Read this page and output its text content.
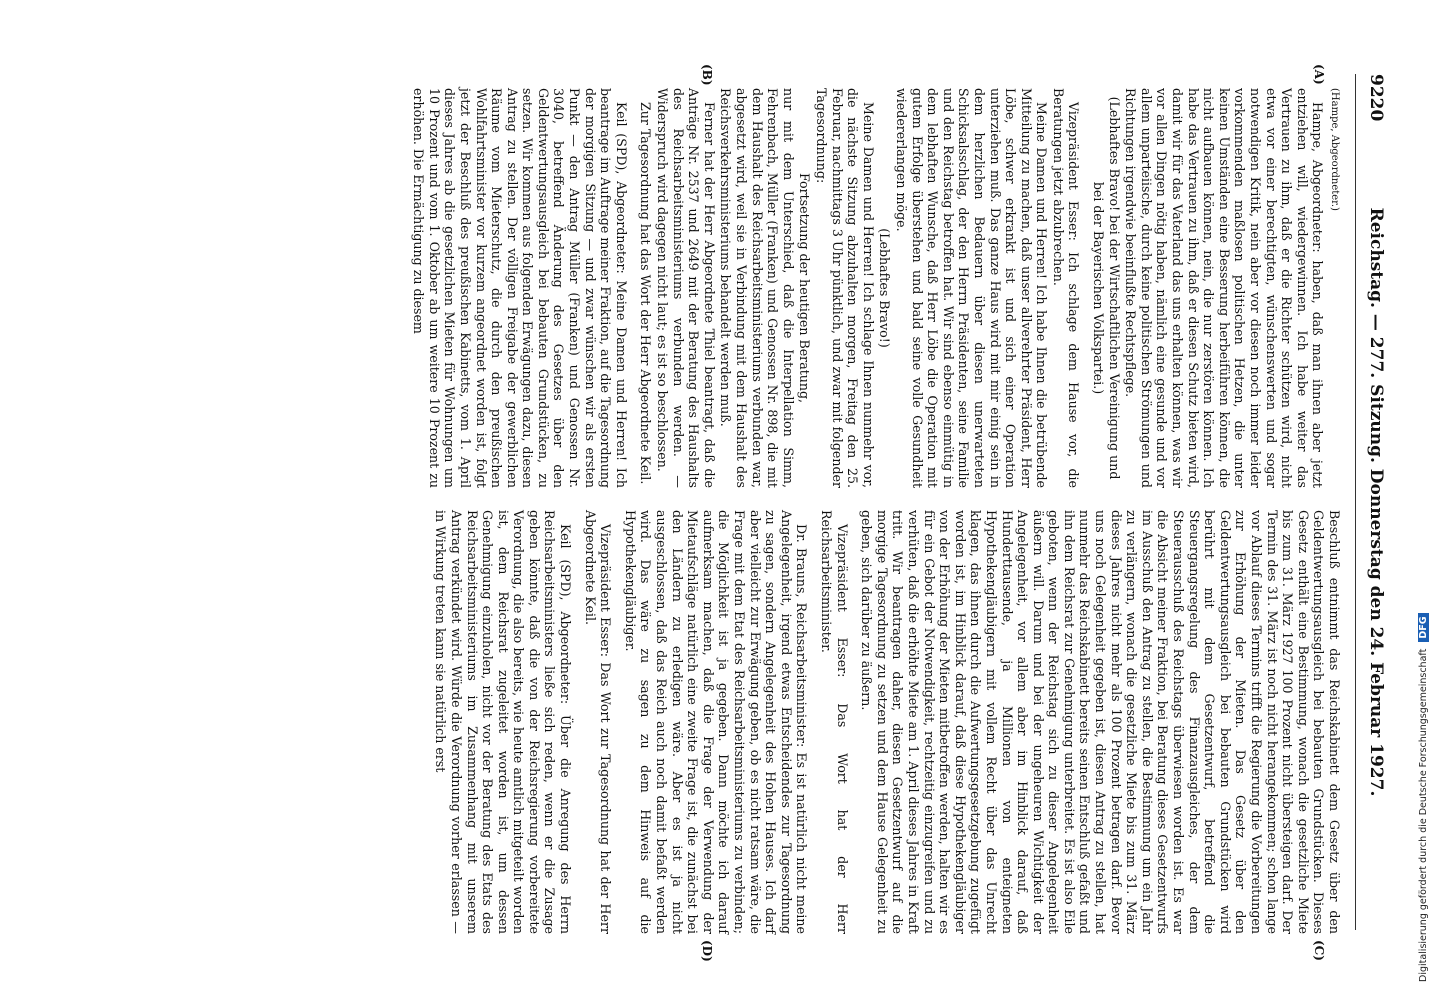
9220
Reichstag. — 277. Sitzung. Donnerstag den 24. Februar 1927.
(A)
(B)
(C)
(D)

(Hampe, Abgeordneter.)

Hampe, Abgeordneter: haben, daß man ihnen aber jetzt entziehen will, wiedergewinnen. Ich habe weiter das Vertrauen zu ihm, daß er die Richter schützen wird, nicht etwa vor einer berechtigten, wünschenswerten und sogar notwendigen Kritik, nein aber vor diesen noch immer leider vorkommenden maßlosen politischen Hetzen, die unter keinen Umständen eine Besserung herbeiführen können, die nicht aufbauen können, nein, die nur zerstören können. Ich habe das Vertrauen zu ihm, daß er diesen Schutz bieten wird, damit wir für das Vaterland das uns erhalten können, was wir vor allen Dingen nötig haben, nämlich eine gesunde und vor allem unparteiische, durch keine politischen Strömungen und Richtungen irgendwie beeinflußte Rechtspflege.

(Lebhaftes Bravo! bei der Wirtschaftlichen Vereinigung und bei der Bayerischen Volkspartei.)

Vizepräsident Esser: Ich schlage dem Hause vor, die Beratungen jetzt abzubrechen.

Meine Damen und Herren! Ich habe Ihnen die betrübende Mitteilung zu machen, daß unser allverehrter Präsident, Herr Löbe, schwer erkrankt ist und sich einer Operation unterziehen muß. Das ganze Haus wird mit mir einig sein in dem herzlichen Bedauern über diesen unerwarteten Schicksalsschlag, der den Herrn Präsidenten, seine Familie und den Reichstag betroffen hat. Wir sind ebenso einmütig in dem lebhaften Wunsche, daß Herr Löbe die Operation mit gutem Erfolge überstehen und bald seine volle Gesundheit wiedererlangen möge.

(Lebhaftes Bravo!)

Meine Damen und Herren! Ich schlage Ihnen nunmehr vor, die nächste Sitzung abzuhalten morgen, Freitag den 25. Februar, nachmittags 3 Uhr pünktlich, und zwar mit folgender Tagesordnung:

Fortsetzung der heutigen Beratung,

nur mit dem Unterschied, daß die Interpellation Simm, Fehrenbach, Müller (Franken) und Genossen Nr. 898, die mit dem Haushalt des Reichsarbeitsministeriums verbunden war, abgesetzt wird, weil sie in Verbindung mit dem Haushalt des Reichsverkehrsministeriums behandelt werden muß.

Ferner hat der Herr Abgeordnete Thiel beantragt, daß die Anträge Nr. 2537 und 2649 mit der Beratung des Haushalts des Reichsarbeitsministeriums verbunden werden. — Widerspruch wird dagegen nicht laut; es ist so beschlossen.

Zur Tagesordnung hat das Wort der Herr Abgeordnete Keil.

Keil (SPD), Abgeordneter: Meine Damen und Herren! Ich beantrage im Auftrage meiner Fraktion, auf die Tagesordnung der morgigen Sitzung — und zwar wünschen wir als ersten Punkt — den Antrag Müller (Franken) und Genossen Nr. 3040, betreffend Änderung des Gesetzes über den Geldentwertungsausgleich bei bebauten Grundstücken, zu setzen. Wir kommen aus folgenden Erwägungen dazu, diesen Antrag zu stellen. Der völligen Freigabe der gewerblichen Räume vom Mieterschutz, die durch den preußischen Wohlfahrtsminister vor kurzem angeordnet worden ist, folgt jetzt der Beschluß des preußischen Kabinetts, vom 1. April dieses Jahres ab die gesetzlichen Mieten für Wohnungen um 10 Prozent und vom 1. Oktober ab um weitere 10 Prozent zu erhöhen. Die Ermächtigung zu diesem

Beschluß entnimmt das Reichskabinett dem Gesetz über den Geldentwertungsausgleich bei bebauten Grundstücken. Dieses Gesetz enthält eine Bestimmung, wonach die gesetzliche Miete bis zum 31. März 1927 100 Prozent nicht übersteigen darf. Der Termin des 31. März ist noch nicht herangekommen; schon lange vor Ablauf dieses Termins trifft die Regierung die Vorbereitungen zur Erhöhung der Mieten. Das Gesetz über den Geldentwertungsausgleich bei bebauten Grundstücken wird berührt mit dem Gesetzentwurf, betreffend die Steuergangsregelung des Finanzausgleiches, der dem Steuerausschuß des Reichstags überwiesen worden ist. Es war die Absicht meiner Fraktion, bei Beratung dieses Gesetzentwurfs im Ausschuß den Antrag zu stellen, die Bestimmung um ein Jahr zu verlängern, wonach die gesetzliche Miete bis zum 31. März dieses Jahres nicht mehr als 100 Prozent betragen darf. Bevor uns noch Gelegenheit gegeben ist, diesen Antrag zu stellen, hat nunmehr das Reichskabinett bereits seinen Entschluß gefaßt und ihn dem Reichsrat zur Genehmigung unterbreitet. Es ist also Eile geboten, wenn der Reichstag sich zu dieser Angelegenheit äußern will. Darum und bei der ungeheuren Wichtigkeit der Angelegenheit, vor allem aber im Hinblick darauf, daß Hunderttausende, ja Millionen von enteigneten Hypothekengläubigern mit vollem Recht über das Unrecht klagen, das ihnen durch die Aufwertungsgesetzgebung zugefügt worden ist, im Hinblick darauf, daß diese Hypothekengläubiger von der Erhöhung der Mieten mitbetroffen werden, halten wir es für ein Gebot der Notwendigkeit, rechtzeitig einzugreifen und zu verhüten, daß die erhöhte Miete am 1. April dieses Jahres in Kraft tritt. Wir beantragen daher, diesen Gesetzentwurf auf die morgige Tagesordnung zu setzen und dem Hause Gelegenheit zu geben, sich darüber zu äußern.

Vizepräsident Esser: Das Wort hat der Herr Reichsarbeitsminister.

Dr. Brauns, Reichsarbeitsminister: Es ist natürlich nicht meine Angelegenheit, irgend etwas Entscheidendes zur Tagesordnung zu sagen, sondern Angelegenheit des Hohen Hauses. Ich darf aber vielleicht zur Erwägung geben, ob es nicht ratsam wäre, die Frage mit dem Etat des Reichsarbeitsministeriums zu verbinden; die Möglichkeit ist ja gegeben. Dann möchte ich darauf aufmerksam machen, daß die Frage der Verwendung der Mietaufschläge natürlich eine zweite Frage ist, die zunächst bei den Ländern zu erledigen wäre. Aber es ist ja nicht ausgeschlossen, daß das Reich auch noch damit befaßt werden wird. Das wäre zu sagen zu dem Hinweis auf die Hypothekengläubiger.

Vizepräsident Esser: Das Wort zur Tagesordnung hat der Herr Abgeordnete Keil.

Keil (SPD), Abgeordneter: Über die Anregung des Herrn Reichsarbeitsministers ließe sich reden, wenn er die Zusage geben könnte, daß die von der Reichsregierung vorbereitete Verordnung, die also bereits, wie heute amtlich mitgeteilt worden ist, dem Reichsrat zugeleitet worden ist, um dessen Genehmigung einzuholen, nicht vor der Beratung des Etats des Reichsarbeitsministeriums im Zusammenhang mit unserem Antrag verkündet wird. Würde die Verordnung vorher erlassen — in Wirkung treten kann sie natürlich erst

Digitalisierung gefördert durch die Deutsche Forschungsgemeinschaft DFG
